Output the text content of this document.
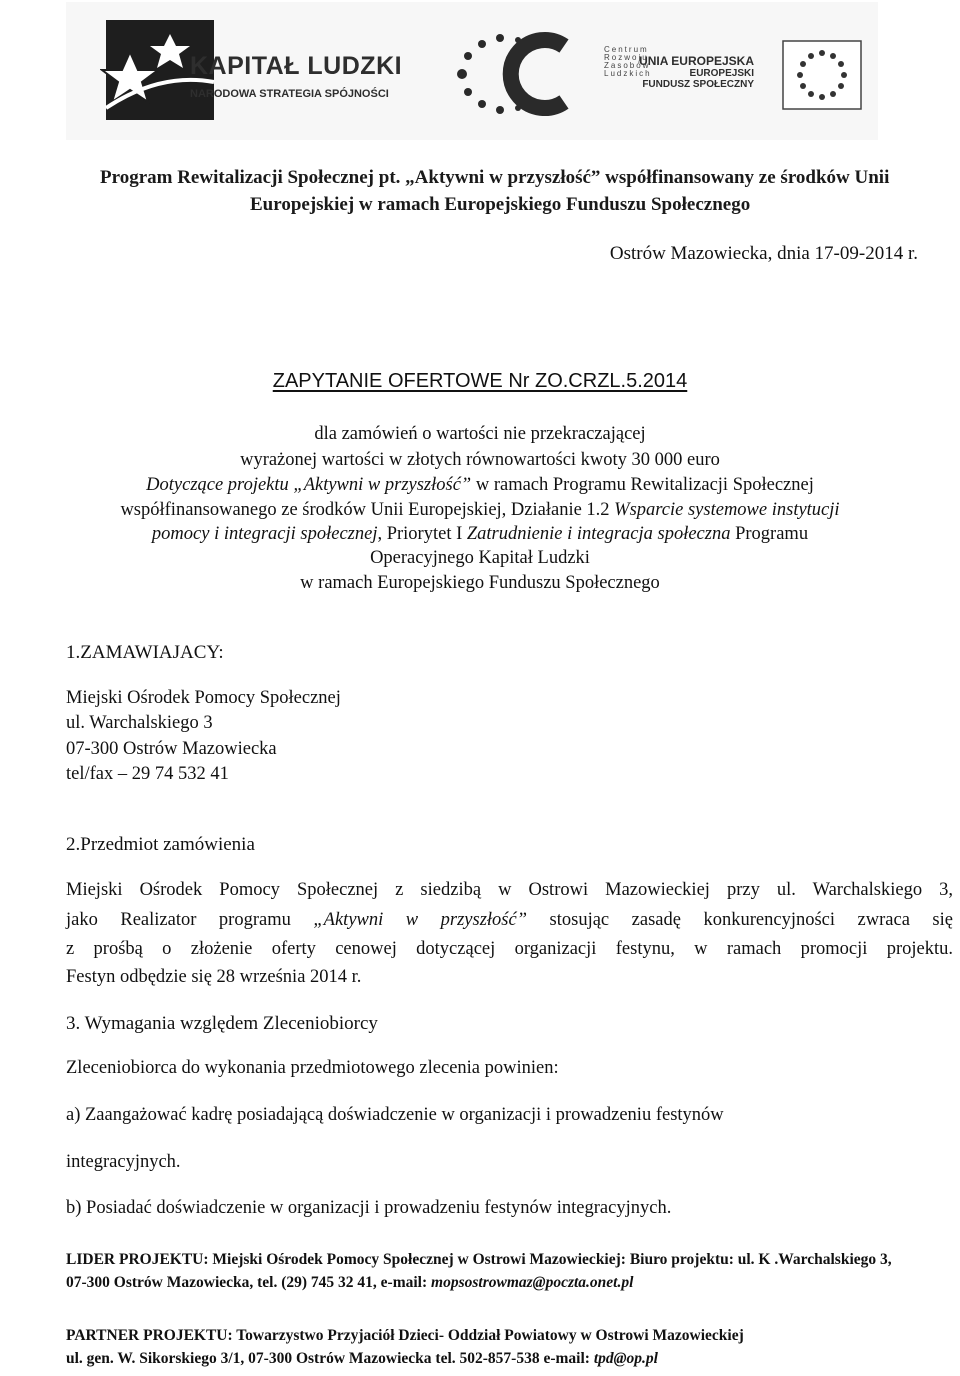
KAPITAŁ LUDZKI
NARODOWA STRATEGIA SPÓJNOŚCI
Centrum
Rozwoju
Zasobów
Ludzkich
UNIA EUROPEJSKA
EUROPEJSKI
FUNDUSZ SPOŁECZNY
Program Rewitalizacji Społecznej pt. „Aktywni w przyszłość” współfinansowany ze środków Unii
Europejskiej w ramach Europejskiego Funduszu Społecznego
Ostrów Mazowiecka, dnia 17-09-2014 r.
ZAPYTANIE OFERTOWE Nr ZO.CRZL.5.2014
dla zamówień o wartości nie przekraczającej
wyrażonej wartości w złotych równowartości kwoty 30 000 euro
Dotyczące projektu „Aktywni w przyszłość” w ramach Programu Rewitalizacji Społecznej
współfinansowanego ze środków Unii Europejskiej, Działanie 1.2 Wsparcie systemowe instytucji
pomocy i integracji społecznej, Priorytet I Zatrudnienie i integracja społeczna Programu
Operacyjnego Kapitał Ludzki
w ramach Europejskiego Funduszu Społecznego
1.ZAMAWIAJACY:
Miejski Ośrodek Pomocy Społecznej
ul. Warchalskiego 3
07-300 Ostrów Mazowiecka
tel/fax – 29 74 532 41
2.Przedmiot zamówienia
Miejski Ośrodek Pomocy Społecznej z siedzibą w Ostrowi Mazowieckiej przy ul. Warchalskiego 3,
jako Realizator programu „Aktywni w przyszłość” stosując zasadę konkurencyjności zwraca się
z prośbą o złożenie oferty cenowej dotyczącej organizacji festynu, w ramach promocji projektu.
Festyn odbędzie się 28 września 2014 r.
3. Wymagania względem Zleceniobiorcy
Zleceniobiorca do wykonania przedmiotowego zlecenia powinien:
a) Zaangażować kadrę posiadającą doświadczenie w organizacji i prowadzeniu festynów
integracyjnych.
b) Posiadać doświadczenie w organizacji i prowadzeniu festynów integracyjnych.
LIDER PROJEKTU: Miejski Ośrodek Pomocy Społecznej w Ostrowi Mazowieckiej: Biuro projektu: ul. K .Warchalskiego 3,
07-300 Ostrów Mazowiecka, tel. (29) 745 32 41, e-mail: mopsostrowmaz@poczta.onet.pl
PARTNER PROJEKTU: Towarzystwo Przyjaciół Dzieci- Oddział Powiatowy w Ostrowi Mazowieckiej
ul. gen. W. Sikorskiego 3/1, 07-300 Ostrów Mazowiecka tel. 502-857-538 e-mail: tpd@op.pl
